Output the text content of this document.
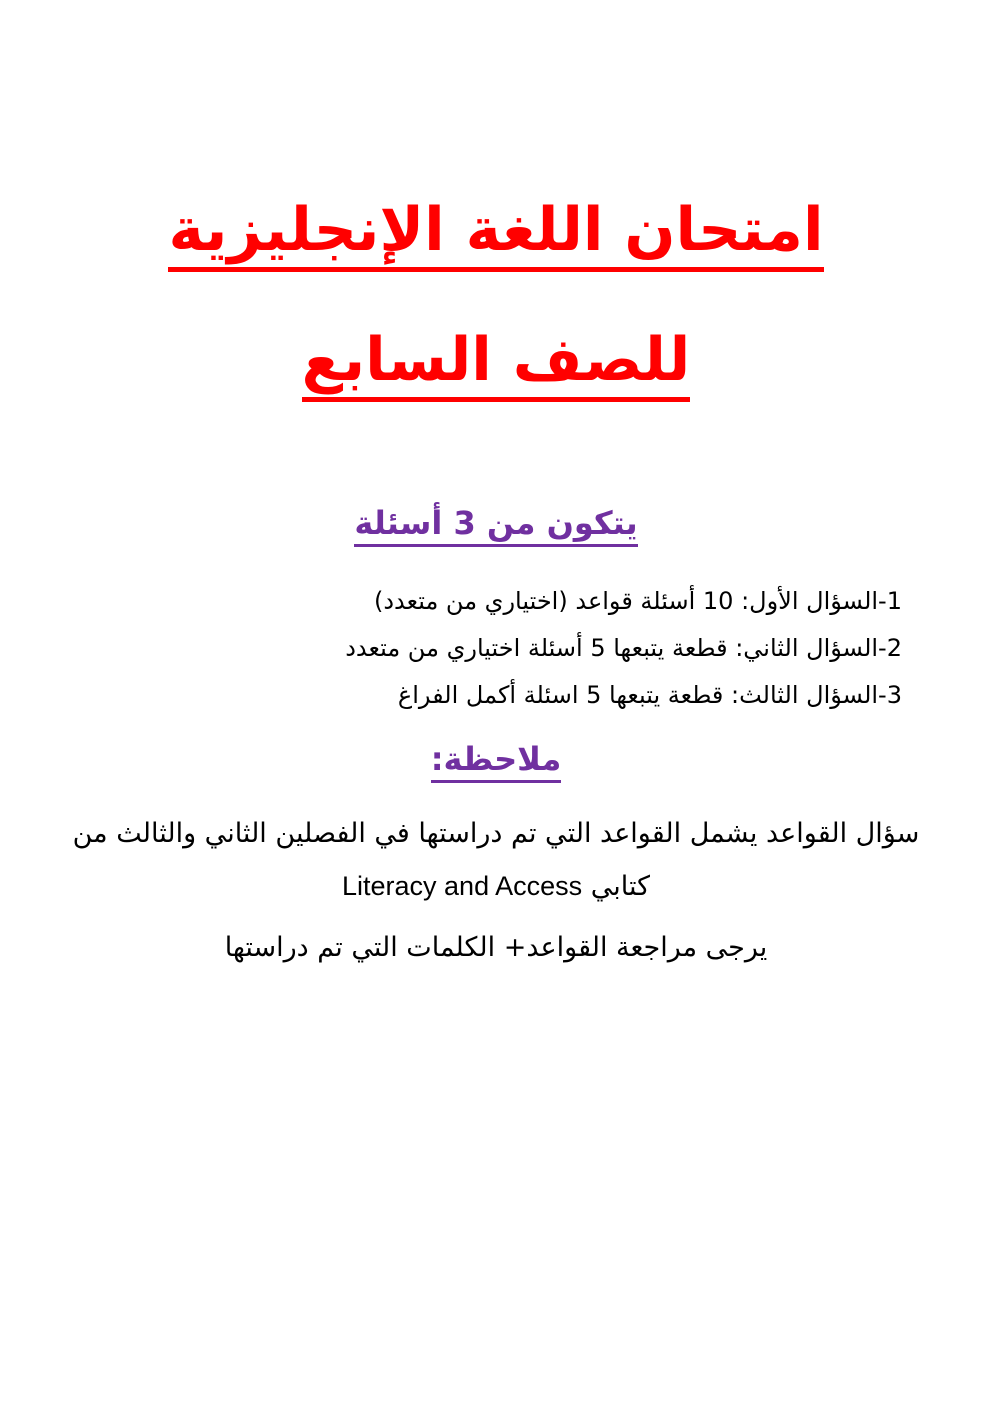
امتحان اللغة الإنجليزية
للصف السابع
يتكون من 3 أسئلة
1-السؤال الأول: 10 أسئلة قواعد (اختياري من متعدد)
2-السؤال الثاني: قطعة يتبعها 5 أسئلة اختياري من متعدد
3-السؤال الثالث: قطعة يتبعها 5 اسئلة أكمل الفراغ
ملاحظة:
سؤال القواعد يشمل القواعد التي تم دراستها في الفصلين الثاني والثالث من كتابي Literacy and Access
يرجى مراجعة القواعد+ الكلمات التي تم دراستها
